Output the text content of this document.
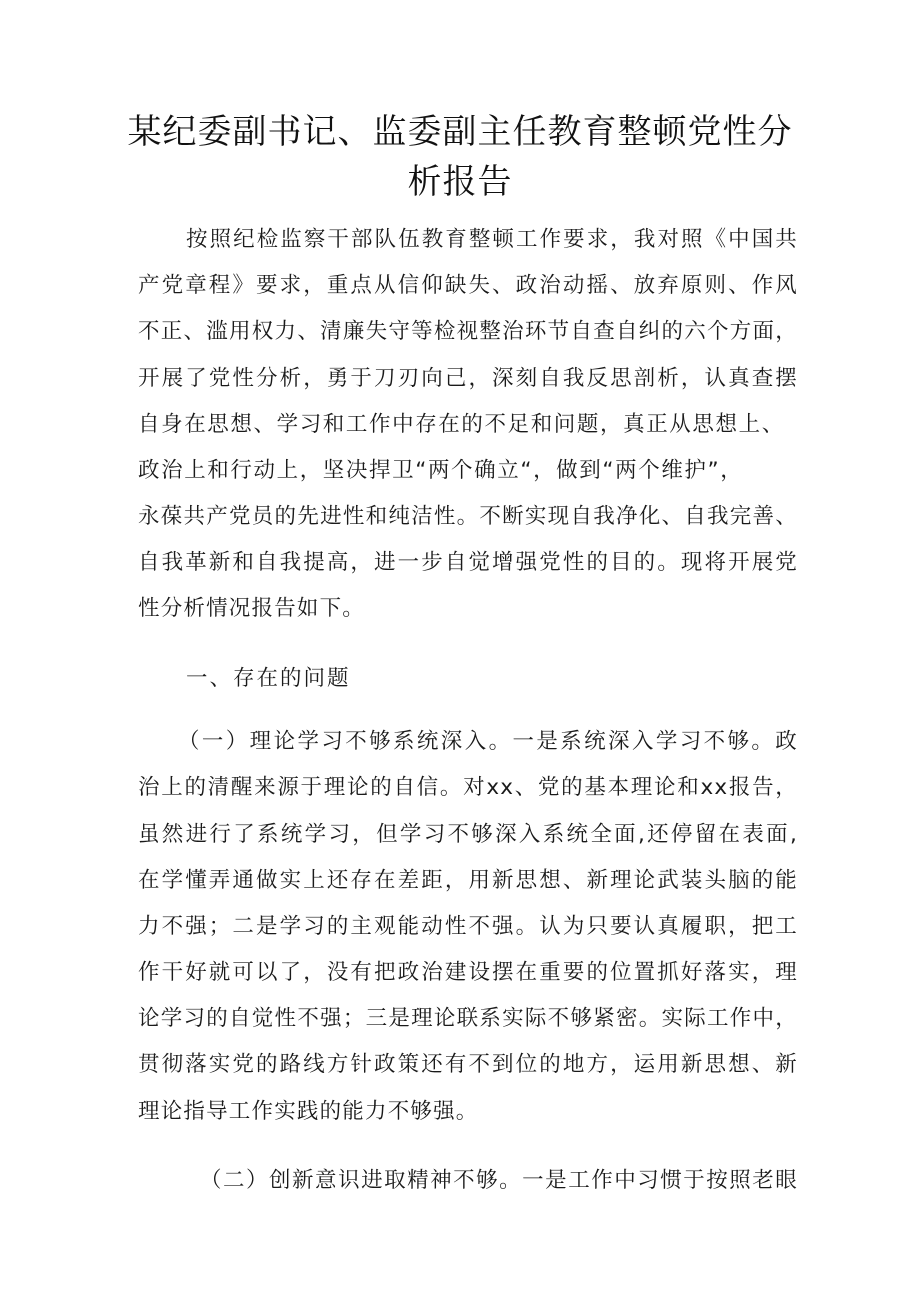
某纪委副书记、监委副主任教育整顿党性分
析报告
按照纪检监察干部队伍教育整顿工作要求，我对照《中国共
产党章程》要求，重点从信仰缺失、政治动摇、放弃原则、作风
不正、滥用权力、清廉失守等检视整治环节自查自纠的六个方面，
开展了党性分析，勇于刀刃向己，深刻自我反思剖析，认真查摆
自身在思想、学习和工作中存在的不足和问题，真正从思想上、
政治上和行动上，坚决捍卫“两个确立“，做到“两个维护”，
永葆共产党员的先进性和纯洁性。不断实现自我净化、自我完善、
自我革新和自我提高，进一步自觉增强党性的目的。现将开展党
性分析情况报告如下。
一、存在的问题
（一）理论学习不够系统深入。一是系统深入学习不够。政
治上的清醒来源于理论的自信。对xx、党的基本理论和xx报告，
虽然进行了系统学习，但学习不够深入系统全面,还停留在表面,
在学懂弄通做实上还存在差距，用新思想、新理论武装头脑的能
力不强；二是学习的主观能动性不强。认为只要认真履职，把工
作干好就可以了，没有把政治建设摆在重要的位置抓好落实，理
论学习的自觉性不强；三是理论联系实际不够紧密。实际工作中，
贯彻落实党的路线方针政策还有不到位的地方，运用新思想、新
理论指导工作实践的能力不够强。
（二）创新意识进取精神不够。一是工作中习惯于按照老眼
